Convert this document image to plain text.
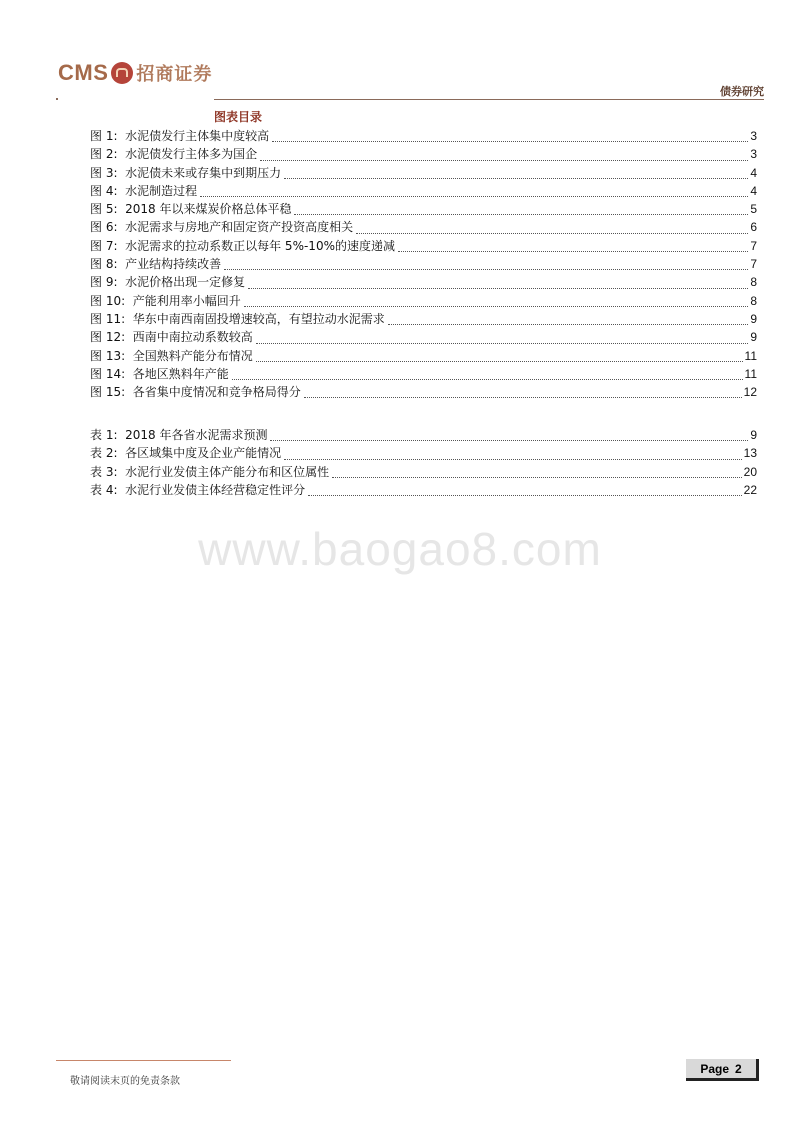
CMS 招商证券
债券研究
图表目录
图 1:  水泥债发行主体集中度较高	3
图 2:  水泥债发行主体多为国企	3
图 3:  水泥债未来或存集中到期压力	4
图 4:  水泥制造过程	4
图 5:  2018 年以来煤炭价格总体平稳	5
图 6:  水泥需求与房地产和固定资产投资高度相关	6
图 7:  水泥需求的拉动系数正以每年 5%-10%的速度递减	7
图 8:  产业结构持续改善	7
图 9:  水泥价格出现一定修复	8
图 10:  产能利用率小幅回升	8
图 11:  华东中南西南固投增速较高，有望拉动水泥需求	9
图 12:  西南中南拉动系数较高	9
图 13:  全国熟料产能分布情况	11
图 14:  各地区熟料年产能	11
图 15:  各省集中度情况和竞争格局得分	12
表 1:  2018 年各省水泥需求预测	9
表 2:  各区域集中度及企业产能情况	13
表 3:  水泥行业发债主体产能分布和区位属性	20
表 4:  水泥行业发债主体经营稳定性评分	22
www.baogao8.com
敬请阅读末页的免责条款
Page 2
